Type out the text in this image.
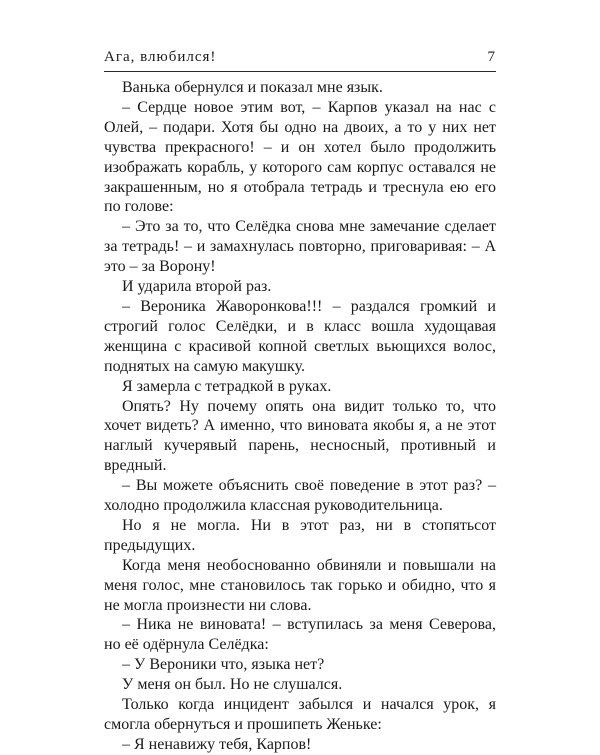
Ага, влюбился!	7

Ванька обернулся и показал мне язык.

– Сердце новое этим вот, – Карпов указал на нас с Олей, – подари. Хотя бы одно на двоих, а то у них нет чувства прекрасного! – и он хотел было продолжить изображать корабль, у которого сам корпус оставался не закрашенным, но я отобрала тетрадь и треснула ею его по голове:

– Это за то, что Селёдка снова мне замечание сделает за тетрадь! – и замахнулась повторно, приговаривая: – А это – за Ворону!

И ударила второй раз.

– Вероника Жаворонкова!!! – раздался громкий и строгий голос Селёдки, и в класс вошла худощавая женщина с красивой копной светлых вьющихся волос, поднятых на самую макушку.

Я замерла с тетрадкой в руках.

Опять? Ну почему опять она видит только то, что хочет видеть? А именно, что виновата якобы я, а не этот наглый кучерявый парень, несносный, противный и вредный.

– Вы можете объяснить своё поведение в этот раз? – холодно продолжила классная руководительница.

Но я не могла. Ни в этот раз, ни в стопятьсот предыдущих.

Когда меня необоснованно обвиняли и повышали на меня голос, мне становилось так горько и обидно, что я не могла произнести ни слова.

– Ника не виновата! – вступилась за меня Северова, но её одёрнула Селёдка:

– У Вероники что, языка нет?

У меня он был. Но не слушался.

Только когда инцидент забылся и начался урок, я смогла обернуться и прошипеть Женьке:

– Я ненавижу тебя, Карпов!
